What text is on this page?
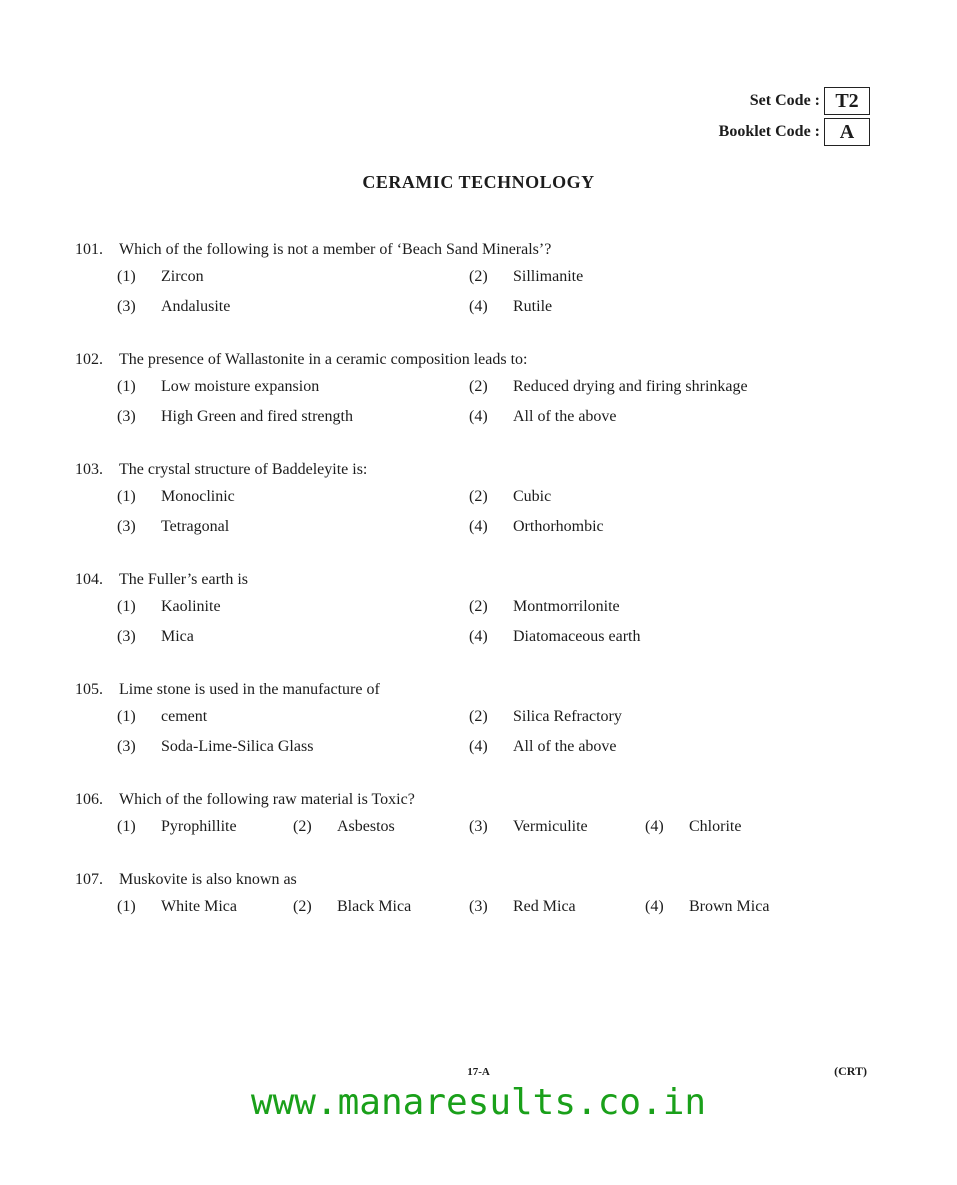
Set Code : T2
Booklet Code : A
CERAMIC TECHNOLOGY
101.	Which of the following is not a member of ‘Beach Sand Minerals’?
(1)	Zircon	(2)	Sillimanite
(3)	Andalusite	(4)	Rutile
102.	The presence of Wallastonite in a ceramic composition leads to:
(1)	Low moisture expansion	(2)	Reduced drying and firing shrinkage
(3)	High Green and fired strength	(4)	All of the above
103.	The crystal structure of Baddeleyite is:
(1)	Monoclinic	(2)	Cubic
(3)	Tetragonal	(4)	Orthorhombic
104.	The Fuller’s earth is
(1)	Kaolinite	(2)	Montmorrilonite
(3)	Mica	(4)	Diatomaceous earth
105.	Lime stone is used in the manufacture of
(1)	cement	(2)	Silica Refractory
(3)	Soda-Lime-Silica Glass	(4)	All of the above
106.	Which of the following raw material is Toxic?
(1)	Pyrophillite	(2)	Asbestos	(3)	Vermiculite	(4)	Chlorite
107.	Muskovite is also known as
(1)	White Mica	(2)	Black Mica	(3)	Red Mica	(4)	Brown Mica
17-A	(CRT)
www.manaresults.co.in
